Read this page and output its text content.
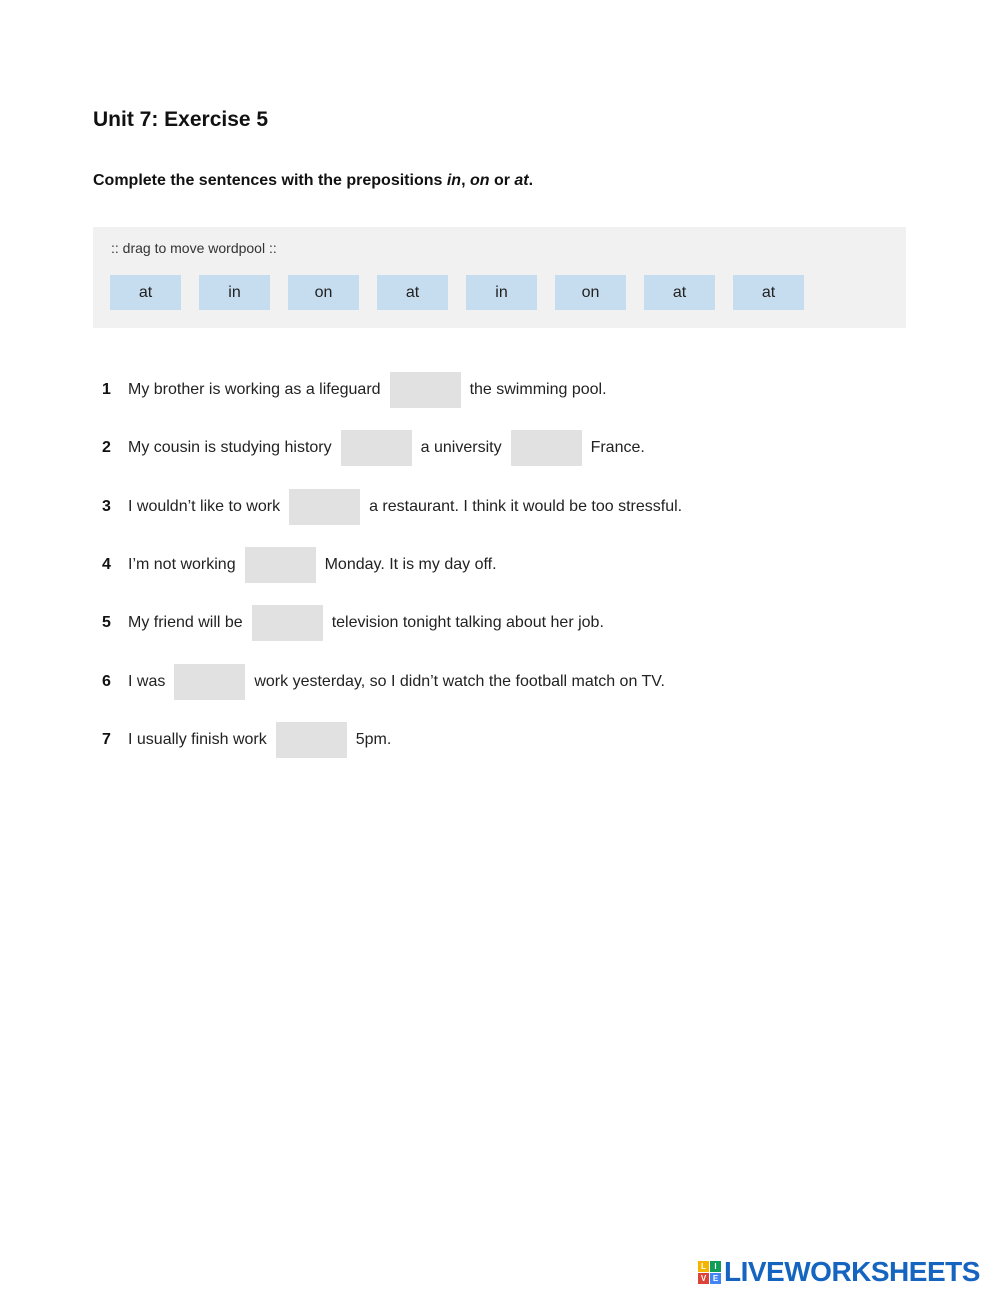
Unit 7: Exercise 5

Complete the sentences with the prepositions in, on or at.

:: drag to move wordpool ::
at	in	on	at	in	on	at	at
1	My brother is working as a lifeguard	the swimming pool.
2	My cousin is studying history	a university	France.
3	I wouldn’t like to work	a restaurant. I think it would be too stressful.
4	I’m not working	Monday. It is my day off.
5	My friend will be	television tonight talking about her job.
6	I was	work yesterday, so I didn’t watch the football match on TV.
7	I usually finish work	5pm.
L	I
V E LIVEWORKSHEETS
